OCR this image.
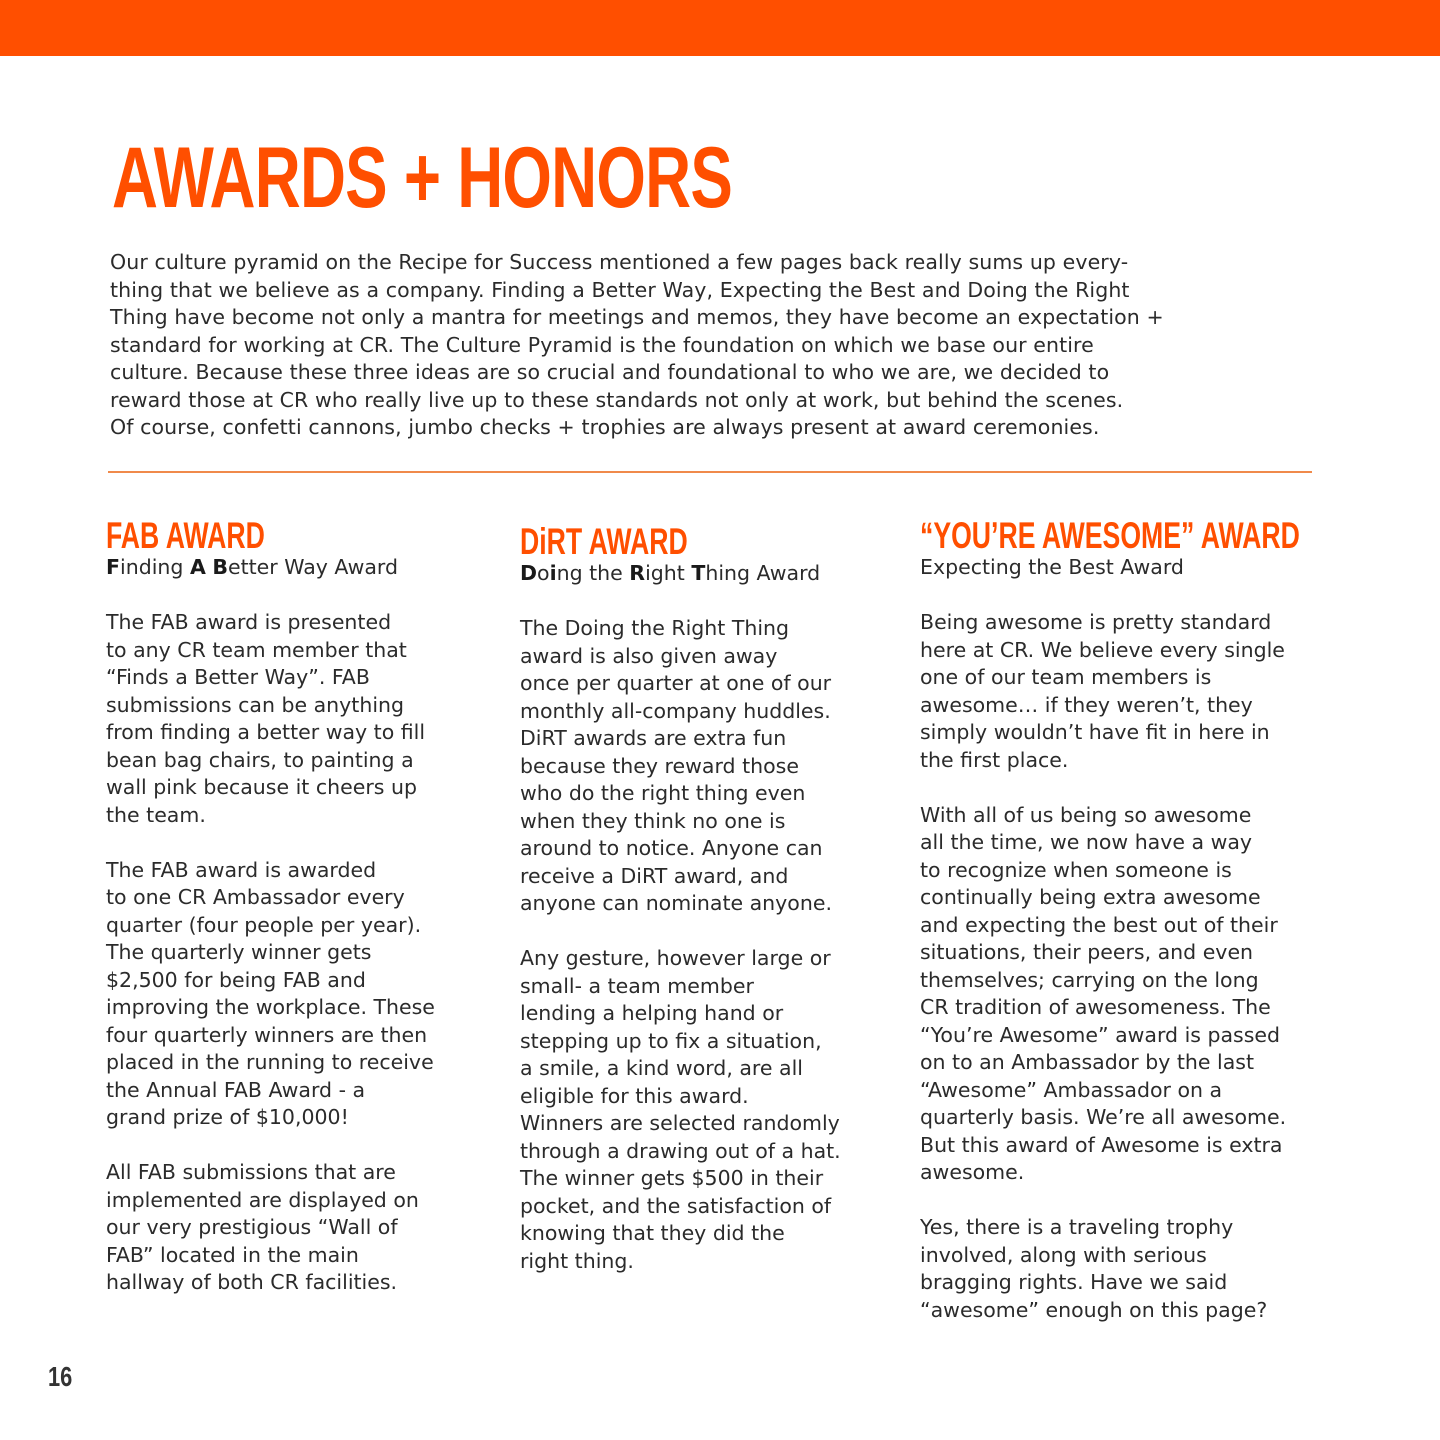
AWARDS + HONORS
Our culture pyramid on the Recipe for Success mentioned a few pages back really sums up every-
thing that we believe as a company. Finding a Better Way, Expecting the Best and Doing the Right
Thing have become not only a mantra for meetings and memos, they have become an expectation +
standard for working at CR. The Culture Pyramid is the foundation on which we base our entire
culture. Because these three ideas are so crucial and foundational to who we are, we decided to
reward those at CR who really live up to these standards not only at work, but behind the scenes.
Of course, confetti cannons, jumbo checks + trophies are always present at award ceremonies.
FAB AWARD
Finding A Better Way Award

The FAB award is presented
to any CR team member that
“Finds a Better Way”. FAB
submissions can be anything
from finding a better way to fill
bean bag chairs, to painting a
wall pink because it cheers up
the team.

The FAB award is awarded
to one CR Ambassador every
quarter (four people per year).
The quarterly winner gets
$2,500 for being FAB and
improving the workplace. These
four quarterly winners are then
placed in the running to receive
the Annual FAB Award - a
grand prize of $10,000!

All FAB submissions that are
implemented are displayed on
our very prestigious “Wall of
FAB” located in the main
hallway of both CR facilities.

DiRT AWARD
Doing the Right Thing Award

The Doing the Right Thing
award is also given away
once per quarter at one of our
monthly all-company huddles.
DiRT awards are extra fun
because they reward those
who do the right thing even
when they think no one is
around to notice. Anyone can
receive a DiRT award, and
anyone can nominate anyone.

Any gesture, however large or
small- a team member
lending a helping hand or
stepping up to fix a situation,
a smile, a kind word, are all
eligible for this award.
Winners are selected randomly
through a drawing out of a hat.
The winner gets $500 in their
pocket, and the satisfaction of
knowing that they did the
right thing.

“YOU’RE AWESOME” AWARD
Expecting the Best Award

Being awesome is pretty standard
here at CR. We believe every single
one of our team members is
awesome… if they weren’t, they
simply wouldn’t have fit in here in
the first place.

With all of us being so awesome
all the time, we now have a way
to recognize when someone is
continually being extra awesome
and expecting the best out of their
situations, their peers, and even
themselves; carrying on the long
CR tradition of awesomeness. The
“You’re Awesome” award is passed
on to an Ambassador by the last
“Awesome” Ambassador on a
quarterly basis. We’re all awesome.
But this award of Awesome is extra
awesome.

Yes, there is a traveling trophy
involved, along with serious
bragging rights. Have we said
“awesome” enough on this page?

16
